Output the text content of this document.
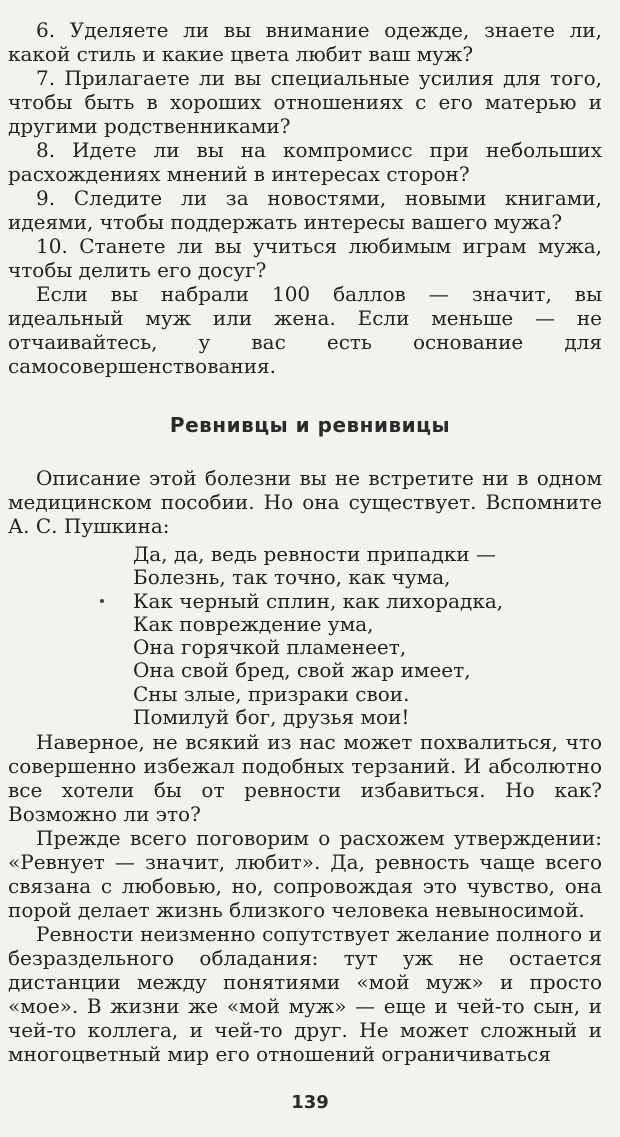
6. Уделяете ли вы внимание одежде, знаете ли, какой стиль и какие цвета любит ваш муж?

7. Прилагаете ли вы специальные усилия для того, чтобы быть в хороших отношениях с его матерью и другими родственниками?

8. Идете ли вы на компромисс при небольших расхождениях мнений в интересах сторон?

9. Следите ли за новостями, новыми книгами, идеями, чтобы поддержать интересы вашего мужа?

10. Станете ли вы учиться любимым играм мужа, чтобы делить его досуг?

Если вы набрали 100 баллов — значит, вы идеальный муж или жена. Если меньше — не отчаивайтесь, у вас есть основание для самосовершенствования.

Ревнивцы и ревнивицы

Описание этой болезни вы не встретите ни в одном медицинском пособии. Но она существует. Вспомните А. С. Пушкина:

Да, да, ведь ревности припадки —
Болезнь, так точно, как чума,
Как черный сплин, как лихорадка,
Как повреждение ума,
Она горячкой пламенеет,
Она свой бред, свой жар имеет,
Сны злые, призраки свои.
Помилуй бог, друзья мои!

Наверное, не всякий из нас может похвалиться, что совершенно избежал подобных терзаний. И абсолютно все хотели бы от ревности избавиться. Но как? Возможно ли это?

Прежде всего поговорим о расхожем утверждении: «Ревнует — значит, любит». Да, ревность чаще всего связана с любовью, но, сопровождая это чувство, она порой делает жизнь близкого человека невыносимой.

Ревности неизменно сопутствует желание полного и безраздельного обладания: тут уж не остается дистанции между понятиями «мой муж» и просто «мое». В жизни же «мой муж» — еще и чей-то сын, и чей-то коллега, и чей-то друг. Не может сложный и многоцветный мир его отношений ограничиваться

139
